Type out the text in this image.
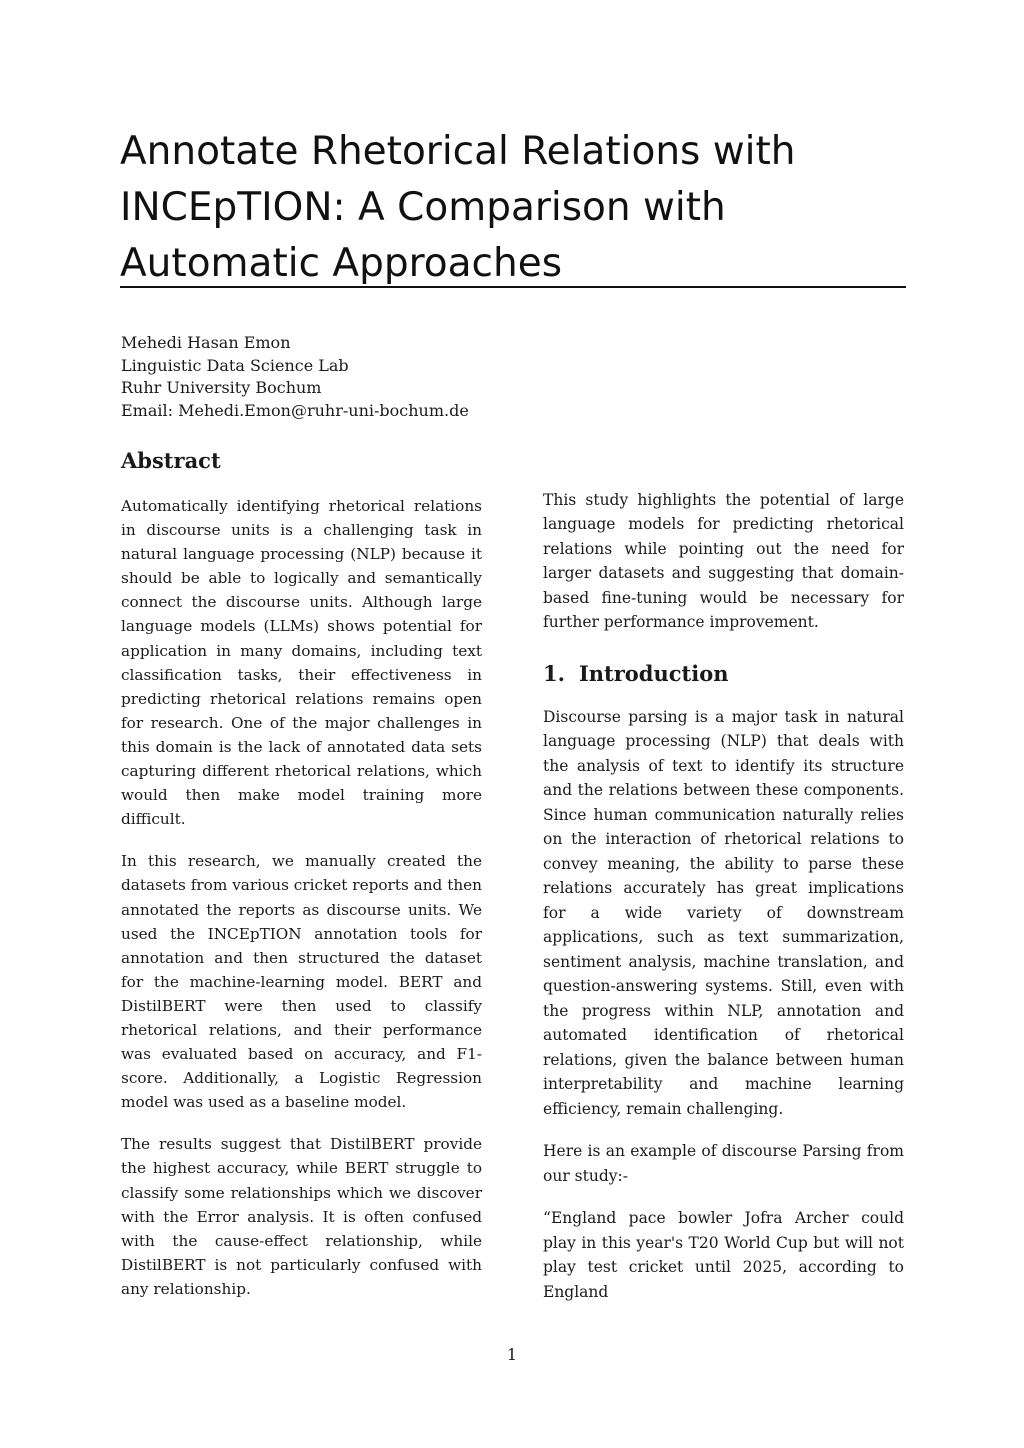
Annotate Rhetorical Relations with
INCEpTION: A Comparison with
Automatic Approaches
Mehedi Hasan Emon
Linguistic Data Science Lab
Ruhr University Bochum
Email: Mehedi.Emon@ruhr-uni-bochum.de
Abstract

Automatically identifying rhetorical relations in discourse units is a challenging task in natural language processing (NLP) because it should be able to logically and semantically connect the discourse units. Although large language models (LLMs) shows potential for application in many domains, including text classification tasks, their effectiveness in predicting rhetorical relations remains open for research. One of the major challenges in this domain is the lack of annotated data sets capturing different rhetorical relations, which would then make model training more difficult.

In this research, we manually created the datasets from various cricket reports and then annotated the reports as discourse units. We used the INCEpTION annotation tools for annotation and then structured the dataset for the machine-learning model. BERT and DistilBERT were then used to classify rhetorical relations, and their performance was evaluated based on accuracy, and F1-score. Additionally, a Logistic Regression model was used as a baseline model.

The results suggest that DistilBERT provide the highest accuracy, while BERT struggle to classify some relationships which we discover with the Error analysis. It is often confused with the cause-effect relationship, while DistilBERT is not particularly confused with any relationship.

This study highlights the potential of large language models for predicting rhetorical relations while pointing out the need for larger datasets and suggesting that domain-based fine-tuning would be necessary for further performance improvement.

1. Introduction

Discourse parsing is a major task in natural language processing (NLP) that deals with the analysis of text to identify its structure and the relations between these components. Since human communication naturally relies on the interaction of rhetorical relations to convey meaning, the ability to parse these relations accurately has great implications for a wide variety of downstream applications, such as text summarization, sentiment analysis, machine translation, and question-answering systems. Still, even with the progress within NLP, annotation and automated identification of rhetorical relations, given the balance between human interpretability and machine learning efficiency, remain challenging.

Here is an example of discourse Parsing from our study:-

“England pace bowler Jofra Archer could play in this year's T20 World Cup but will not play test cricket until 2025, according to England

1
